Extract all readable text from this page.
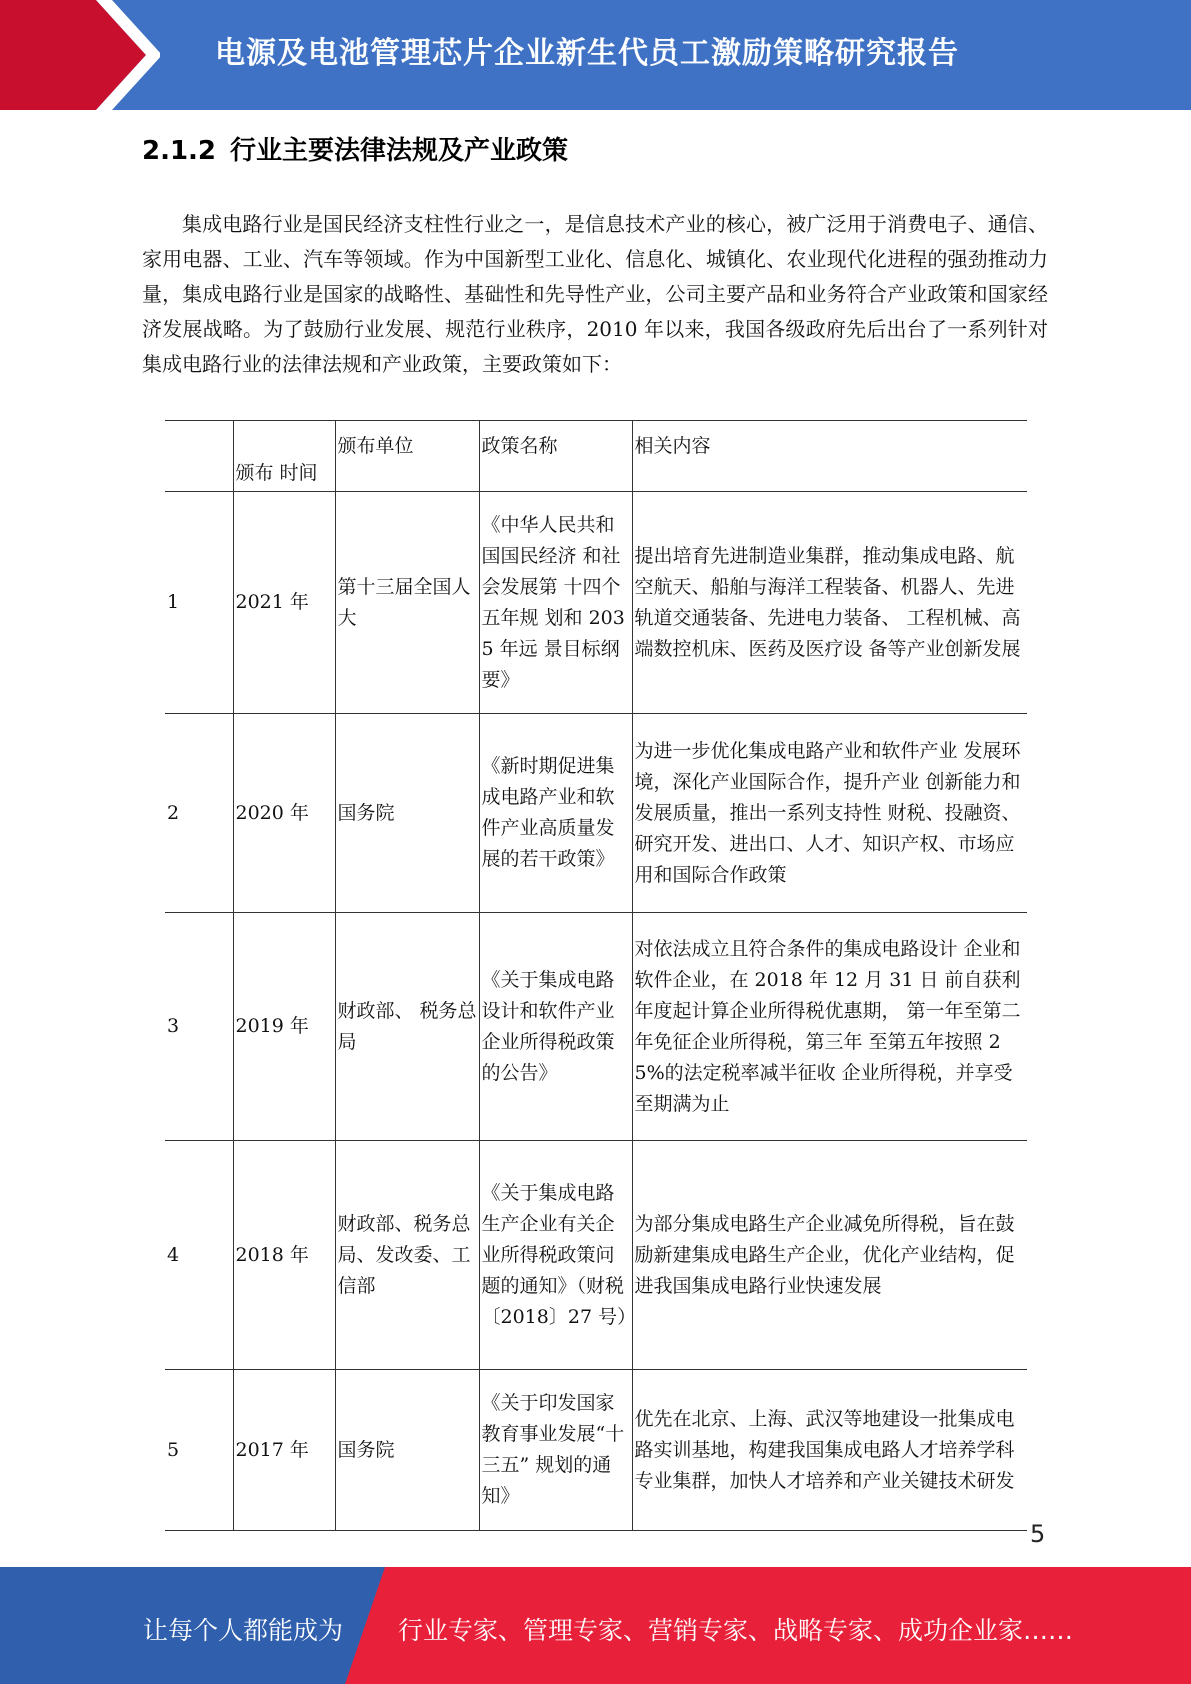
电源及电池管理芯片企业新生代员工激励策略研究报告
2.1.2 行业主要法律法规及产业政策
集成电路行业是国民经济支柱性行业之一，是信息技术产业的核心，被广泛用于消费电子、通信、家用电器、工业、汽车等领域。作为中国新型工业化、信息化、城镇化、农业现代化进程的强劲推动力量，集成电路行业是国家的战略性、基础性和先导性产业，公司主要产品和业务符合产业政策和国家经济发展战略。为了鼓励行业发展、规范行业秩序，2010 年以来，我国各级政府先后出台了一系列针对集成电路行业的法律法规和产业政策，主要政策如下：
	颁布 时间	颁布单位	政策名称	相关内容
1	2021 年	第十三届全国人大	《中华人民共和国国民经济 和社会发展第 十四个五年规 划和 2035 年远 景目标纲要》	提出培育先进制造业集群，推动集成电路、航空航天、船舶与海洋工程装备、机器人、先进轨道交通装备、先进电力装备、 工程机械、高端数控机床、医药及医疗设 备等产业创新发展
2	2020 年	国务院	《新时期促进集成电路产业和软件产业高质量发展的若干政策》	为进一步优化集成电路产业和软件产业 发展环境，深化产业国际合作，提升产业 创新能力和发展质量，推出一系列支持性 财税、投融资、研究开发、进出口、人才、知识产权、市场应用和国际合作政策
3	2019 年	财政部、 税务总局	《关于集成电路设计和软件产业企业所得税政策的公告》	对依法成立且符合条件的集成电路设计 企业和软件企业，在 2018 年 12 月 31 日 前自获利年度起计算企业所得税优惠期， 第一年至第二年免征企业所得税，第三年 至第五年按照 25%的法定税率减半征收 企业所得税，并享受至期满为止
4	2018 年	财政部、税务总局、发改委、工信部	《关于集成电路生产企业有关企业所得税政策问题的通知》（财税〔2018〕27 号）	为部分集成电路生产企业减免所得税，旨在鼓励新建集成电路生产企业，优化产业结构，促进我国集成电路行业快速发展
5	2017 年	国务院	《关于印发国家教育事业发展“十三五” 规划的通知》	优先在北京、上海、武汉等地建设一批集成电路实训基地，构建我国集成电路人才培养学科专业集群，加快人才培养和产业关键技术研发
5
让每个人都能成为 行业专家、管理专家、营销专家、战略专家、成功企业家……
